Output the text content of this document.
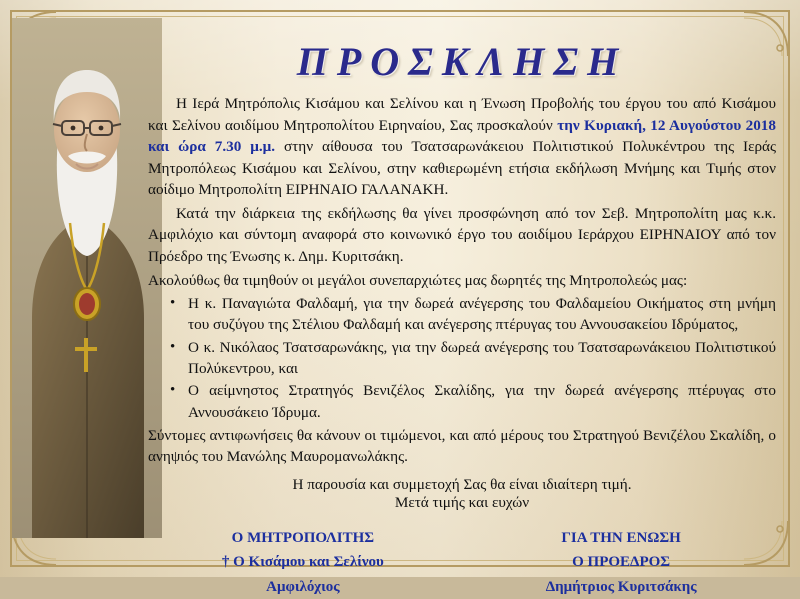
ΠΡΟΣΚΛΗΣΗ

Η Ιερά Μητρόπολις Κισάμου και Σελίνου και η Ένωση Προβολής του έργου του από Κισάμου και Σελίνου αοιδίμου Μητροπολίτου Ειρηναίου, Σας προσκαλούν την Κυριακή, 12 Αυγούστου 2018 και ώρα 7.30 μ.μ. στην αίθουσα του Τσατσαρωνάκειου Πολιτιστικού Πολυκέντρου της Ιεράς Μητροπόλεως Κισάμου και Σελίνου, στην καθιερωμένη ετήσια εκδήλωση Μνήμης και Τιμής στον αοίδιμο Μητροπολίτη ΕΙΡΗΝΑΙΟ ΓΑΛΑΝΑΚΗ.

Κατά την διάρκεια της εκδήλωσης θα γίνει προσφώνηση από τον Σεβ. Μητροπολίτη μας κ.κ. Αμφιλόχιο και σύντομη αναφορά στο κοινωνικό έργο του αοιδίμου Ιεράρχου ΕΙΡΗΝΑΙΟΥ από τον Πρόεδρο της Ένωσης κ. Δημ. Κυριτσάκη.

Ακολούθως θα τιμηθούν οι μεγάλοι συνεπαρχιώτες μας δωρητές της Μητροπολεώς μας:

• Η κ. Παναγιώτα Φαλδαμή, για την δωρεά ανέγερσης του Φαλδαμείου Οικήματος στη μνήμη του συζύγου της Στέλιου Φαλδαμή και ανέγερσης πτέρυγας του Αννουσακείου Ιδρύματος,
• Ο κ. Νικόλαος Τσατσαρωνάκης, για την δωρεά ανέγερσης του Τσατσαρωνάκειου Πολιτιστικού Πολύκεντρου, και
• Ο αείμνηστος Στρατηγός Βενιζέλος Σκαλίδης, για την δωρεά ανέγερσης πτέρυγας στο Αννουσάκειο Ίδρυμα.

Σύντομες αντιφωνήσεις θα κάνουν οι τιμώμενοι, και από μέρους του Στρατηγού Βενιζέλου Σκαλίδη, ο ανηψιός του Μανώλης Μαυρομανωλάκης.

Η παρουσία και συμμετοχή Σας θα είναι ιδιαίτερη τιμή.

Μετά τιμής και ευχών

Ο ΜΗΤΡΟΠΟΛΙΤΗΣ
† Ο Κισάμου και Σελίνου
Αμφιλόχιος
ΓΙΑ ΤΗΝ ΕΝΩΣΗ
Ο ΠΡΟΕΔΡΟΣ
Δημήτριος Κυριτσάκης
